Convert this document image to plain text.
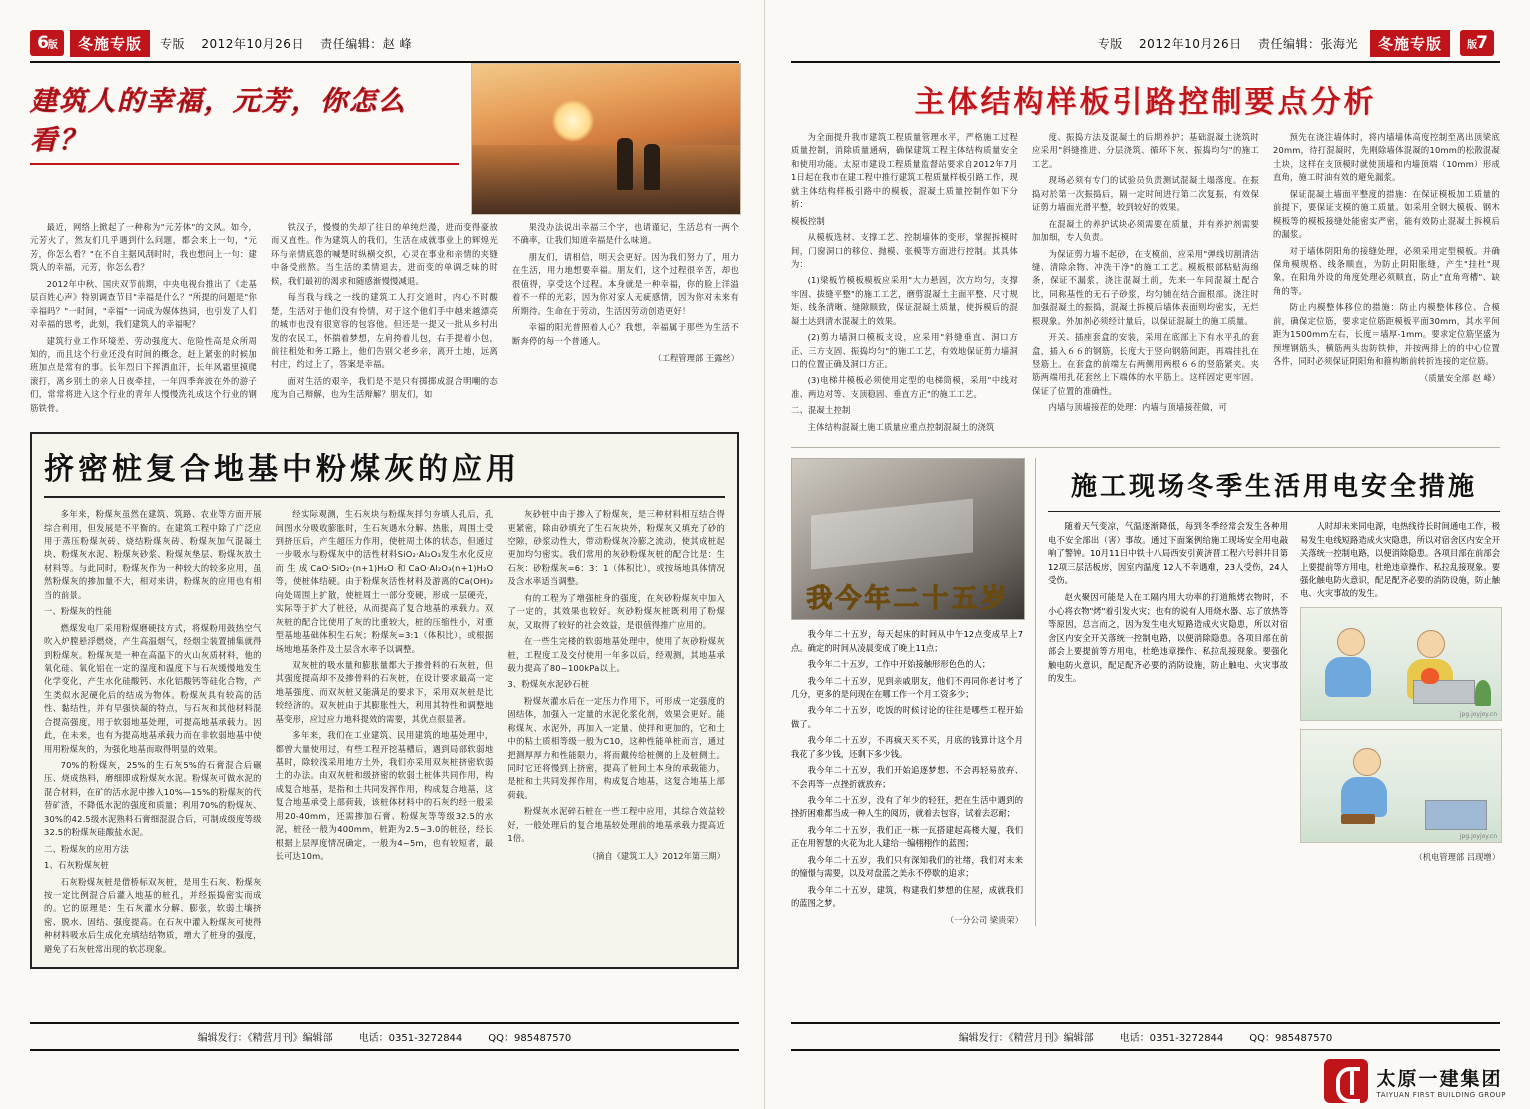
6 版	冬施专版	专版 2012年10月26日 责任编辑：赵 峰
建筑人的幸福，元芳，你怎么看？

最近，网络上掀起了一种称为"元芳体"的文风。如今，元芳火了，然友们几乎遇到什么问题，都会来上一句，"元芳，你怎么看？"在不自主据风刮时时，我也想问上一句：建筑人的幸福，元芳，你怎么看？

2012年中秋、国庆双节前期，中央电视台推出了《走基层百姓心声》特别调查节目"幸福是什么？"所提的问题是"你幸福吗？"一时间，"幸福"一词成为媒体热词，也引发了人们对幸福的思考，此刻，我们建筑人的幸福呢？

建筑行业工作环境差、劳动强度大、危险性高是众所周知的，而且这个行业还没有时间的概念，赶上紧张的时候加班加点是常有的事。长年烈日下挥洒血汗，长年风霜里摸爬滚打，离乡别土的亲人日夜牵挂，一年四季奔波在外的游子们，常常将进入这个行业的青年人慢慢洗礼成这个行业的钢筋铁骨。

铁汉子，慢慢的失却了往日的单纯烂漫，进而变得豪放而又直性。作为建筑人的我们，生活在成就事业上的辉煌光环与亲情底怨的喊楚时纵横交织，心灵在事业和亲情的夹缝中备受煎熬。当生活的柔情退去，进而变的单调乏味的时候，我们最初的渴求和随感渐慢慢减退。

每当我与线之一线的建筑工人打交道时，内心不时酸楚，生活对于他们没有怜情，对于这个他们手中越来越漂亮的城市也没有很宽容的包容他。但还是一提又一批从乡村出发的农民工，怀揣着梦想，左肩挎着儿包，右手提着小包，前往租处和务工路上，他们告别父老乡亲，离开土地，远离村庄，约过上了，答案是幸福。

面对生活的艰辛，我们是不是只有掷掷成混合明嘲的态度为自己辩解，也为生活辩解？朋友们，如

果没办法说出幸福三个字，也请谨记，生活总有一两个不确率，让我们知道幸福是什么味道。

朋友们，请相信，明天会更好。因为我们努力了，用力在生活，用力地想要幸福。朋友们，这个过程很辛苦，却也很值得，享受这个过程。本身就是一种幸福，你的脸上洋溢着不一样的光彩，因为你对家人无疵感情，因为你对未来有所期待。生命在于劳动，生活因劳动创造更好！

幸福的阳光普照着人心？我想，幸福属于那些为生活不断奔停的每一个普通人。

（工程管理部 王露丝）
挤密桩复合地基中粉煤灰的应用

多年来，粉煤灰虽然在建筑、筑路、农业等方面开展综合利用，但发展是不平衡的。在建筑工程中除了广泛应用于蒸压粉煤灰砖、烧结粉煤灰砖、粉煤灰加气混凝土块、粉煤灰水泥、粉煤灰砂浆、粉煤灰垫层、粉煤灰放土材料等。与此同时，粉煤灰作为一种较大的较多应用，虽然粉煤灰的掺加量不大，相对来讲，粉煤灰的应用也有相当的前景。

一、粉煤灰的性能

燃煤发电厂采用粉煤磨硬技方式，将煤粉用鼓热空气吹入炉膛悬浮燃烧，产生高温烟气，经烟尘装置捕集就得到粉煤灰。粉煤灰是一种在高温下的火山灰质材料，他的氧化硅、氧化铝在一定的湿度和温度下与石灰缓慢地发生化学变化，产生水化硅酸钙、水化铝酸钙等硅化合物，产生类似水泥硬化后的结成为物体。粉煤灰具有较高的活性、黏结性，并有早强快凝的特点，与石灰和其他材料混合提高强度，用于软弱地基处理，可提高地基承载力。因此，在未来，也有为提高地基承载力而在非软弱地基中使用用粉煤灰的，为强化地基而取得明显的效果。

70%的粉煤灰，25%的生石灰5%的石膏混合后碾压、烧成热料，磨细即成粉煤灰水泥。粉煤灰可做水泥的混合材料，在矿的活水泥中掺入10%—15%的粉煤灰的代替矿渣，不降低水泥的强度和质量；利用70%的粉煤灰、30%的42.5级水泥熟料石膏细混混合后，可制成级度等级32.5的粉煤灰硅酸盐水泥。

二、粉煤灰的应用方法

1、石灰粉煤灰桩

石灰粉煤灰桩是借桥标双灰桩，是用生石灰、粉煤灰按一定比例混合后灌入地基的桩孔，并经振捣密实而成的。它的原理是：生石灰灌水分解、膨张，软弱土壤挤密、脱水、固结、强度提高。在石灰中灌入粉煤灰可使得种材料吸水后生成化充填结结物质，增大了桩身的强度，避免了石灰桩常出现的软芯现象。

经实际观测，生石灰块与粉煤灰拌匀夯填人孔后，孔间图水分吸收膨胀时，生石灰遇水分解、热胀，周围土受到挤压后，产生超压力作用，使桩周土体的状态，但通过一步吸水与粉煤灰中的活性材料SiO₂·Al₂O₃发生水化反应而生成CaO·SiO₂·(n+1)H₂O和CaO·Al₂O₃(n+1)H₂O等，使桩体结硬。由于粉煤灰活性材料及游离的Ca(OH)₂向处周围上扩散，使桩周土一部分变硬，形成一层硬壳，实际等于扩大了桩径，从而提高了复合地基的承载力。双灰桩的配合比使用了灰的比重较大，桩的压缩性小，对重型基地基础体积生石灰；粉煤灰=3:1（体积比），或根据场地地基条件及土层含水率予以调整。

双灰桩的吸水量和膨胀量都大于掺骨料的石灰桩，但其强度提高却不及掺骨料的石灰桩，在设计要求最高一定地基强度、而双灰桩又能满足的要求下，采用双灰桩是比较经济的。双灰桩由于其膨胀性大，利用其特性和调整地基变形，应过应力地料提效的需要，其优点很显著。

多年来，我们在工业建筑、民用建筑的地基处理中，都曾大量使用过，有些工程开挖基槽后，遇到局部软弱地基时，除较浅采用地方土外，我们亦采用双灰桩挤密软弱土的办法。由双灰桩和级挤密的软弱土桩体共同作用，构成复合地基，是指和土共同发挥作用，构成复合地基，这复合地基承受上部荷载，该桩体材料中的石灰约经一般采用20-40mm，还需掺加石膏、粉煤灰等等级32.5的水泥，桩径一般为400mm，桩距为2.5~3.0的桩径，经长根据上层厚度情况确定，一般为4~5m，也有较短者，最长可达10m。

灰砂桩中由于掺入了粉煤灰，是三种材料相互结合得更紧密，除由砂填充了生石灰块外，粉煤灰又填充了砂的空隙，砂浆动性大，带动粉煤灰冷膨之流动，使其成桩起更加均匀密实。我们常用的灰砂粉煤灰桩的配合比是：生石灰：砂粉煤灰=6：3：1（体积比），或按场地具体情况及含水率适当调整。

有的工程为了增强桩身的强度，在灰砂粉煤灰中加入了一定的，其效果也较好。灰砂粉煤灰桩既利用了粉煤灰，又取得了较好的社会效益，是很值得推广应用的。

在一些生完楼的软弱地基处理中，使用了灰砂粉煤灰桩，工程度工及交付使用一年多以后，经观测，其地基承载力提高了80~100kPa以上。

3、粉煤灰水泥砂石桩

粉煤灰灌水后在一定压力作用下，可形成一定强度的固结体，加强入一定量的水泥化浆化剂，效果会更好。能称煤灰、水泥外，再加入一定量、使拌和更加的，它和土中的粘土质相等级一般为C10，这种性能单桩而言，通过把测厚厚力和性能限力，将而戴传给桩侧的上及桩侧土。同时它还将慢到上挤密，提高了桩间土本身的承载能力，是桩和土共同发挥作用，构成复合地基，这复合地基上部荷载。

粉煤灰水泥碎石桩在一些工程中应用，其综合效益较好，一般处理后的复合地基较处理前的地基承载力提高近1倍。

（摘自《建筑工人》2012年第三期）
编辑发行：《精营月刊》编辑部	电话：0351-3272844	QQ：985487570
专版 2012年10月26日 责任编辑：张海光	冬施专版	版 7
主体结构样板引路控制要点分析

为全面提升我市建筑工程质量管理水平，严格施工过程质量控制，消除质量通病，确保建筑工程主体结构质量安全和使用功能。太原市建设工程质量监督站要求自2012年7月1日起在我市在建工程中推行建筑工程质量样板引路工作，现就主体结构样板引路中的模板，混凝土质量控制作如下分析：

模板控制

从模板选材、支撑工艺、控制墙体的变形，掌握拆模时间，门窗洞口的移位、抛模、张模等方面进行控制。其具体为：

(1)梁板竹模板模板应采用"大力悬固，次方均匀，支撑牢固、拔缝平整"的施工工艺，磨剪混凝土主面平整、尺寸规矩、线条清晰、缝隙顺致，保证混凝土质量，使拆模后的混凝土达到清水混凝土的效果。

(2)剪力墙洞口模板支设，应采用"斜缝垂直、洞口方正、三方支固、振捣均匀"的施工工艺，有效地保证剪力墙洞口的位置正确及洞口方正。

(3)电梯井模板必须使用定型的电梯筒模，采用"中线对准、两边对等、支顶稳固、垂直方正"的施工工艺。

二、混凝土控制

主体结构混凝土施工质量应重点控制混凝土的浇筑

度、振捣方法及混凝土的后期养护；基础混凝土浇筑时应采用"斜缝推进、分层浇筑、循环下灰、振捣均匀"的施工工艺。

现场必须有专门的试验员负责测试混凝土塌落度。在振捣对於第一次振捣后，隔一定时间进行第二次复振，有效保证剪力墙面光滑平整，较到较好的效果。

在混凝土的养护试块必须需要在质量，并有养护剂需要加加细，专人负责。

为保证剪力墙不起砂，在支模前，应采用"弹线切割清洁缝、清除余物、冲洗干净"的施工工艺。模板根部粘贴海绵条，保证不漏浆，浇注混凝土前，先来一车同混凝土配合比，同称基性的无石子砂浆，均匀铺在结合面根部。浇注时加强混凝土的振捣，混凝土拆模后墙体表面则均密实，无烂根现象。外加剂必须经计量后，以保证混凝土的施工质量。

开关、插座套盒的安装，采用在底部上下有水平孔的套盒，插入６６的钢筋，长度大于竖向钢筋间距，再端挂扎在竖筋上。在套盒的前端左右两侧用两根６６的竖筋紧夹。夹筋两端用扎花套丝上下端体的水平筋上。这样固定更牢固。保证了位置的准确性。

内墙与顶墙接茬的处理：内墙与顶墙接茬做，可

预先在浇注墙体时，将内墙墙体高度控制至离出顶梁底20mm，待打混凝时，先刚除墙体混凝的10mm的松散混凝土块，这样在支顶模时就使顶墙和内墙顶端（10mm）形成直角，施工时油有效的避免漏浆。

保证混凝土墙面平整度的措施：在保证模板加工质量的前提下，要保证支模的施工质量。如采用全钢大模板、钢木模板等的模板接缝处能密实严密，能有效防止混凝土拆模后的漏浆。

对于墙体阴阳角的接缝处理，必须采用定型模板。并确保角模规格、线条顺直，为防止阴阳胀缝，产生"挂杜"现象，在阳角外设的角度处理必须顺直，防止"直角弯槽"、缺角的等。

防止内模整体移位的措施：防止内模整体移位、合模前，确保定位筋，要求定位筋距模板平面30mm，其水平间距为1500mm左右，长度＝墙厚-1mm。要求定位筋坚盛为预埋钢筋头，横筋两头齿防铁伸，并按两排上的的中心位置各件，同时必须保证阴阳角和箍构断前转折连接的定位筋。

（质量安全部 赵 峰）
我今年二十五岁

我今年二十五岁，每天起床的时间从中午12点变成早上7点。确定的时间从凌晨变成了晚上11点；

我今年二十五岁，工作中开始接触形形色色的人；

我今年二十五岁，见到亲戚朋友，他们不再同你老讨考了几分，更多的是问现在在哪工作一个月工资多少；

我今年二十五岁，吃饭的时候讨论的往往是哪些工程开始做了。

我今年二十五岁，不再疯天买不买，月底的钱算计这个月我花了多少钱，还剩下多少钱。

我今年二十五岁，我们开始追逐梦想、不会再轻易放弃、不会再等一点挫折就放弃；

我今年二十五岁，没有了年少的轻狂，把在生活中遇到的挫折困难都当成一种人生的阅历，就着去包容，试着去忍耐；

我今年二十五岁，我们正一栋一瓦搭建起高楼大厦，我们正在用智慧的火花为北人建给一编栩栩作的蓝图；

我今年二十五岁，我们只有深知我们的社绪，我们对末来的憧憬与需要，以及对盘蓝之美永不停歇的追求；

我今年二十五岁，建筑，构建我们梦想的住屋，成就我们的蓝图之梦。

（一分公司 梁贵荣）
施工现场冬季生活用电安全措施

随着天气变凉，气温逐渐降低，每到冬季经常会发生各种用电不安全部出（害）事故。通过下面案例给施工现场安全用电敲响了警钟。10月11日中铁十八局西安引黄济晋工程六号斜井目第12项三层活板房，因室内温度 12人不幸遇难，23人受伤，24人受伤。

赵火聚因可能是人在工隔内用大功率的打道熊烤衣物时，不小心将衣物"烤"着引发火灾；也有的说有人用烧水器、忘了放热等等原因，总言而之，因为发生电火短路造成火灾隐患，所以对宿舍区内安全开关落统一控制电路，以便消除隐患。各项目部在前部会上要提前等方用电，杜绝违章操作、私拉乱接现象。要强化触电防火意识，配足配齐必要的消防设施，防止触电、火灾事故的发生。

人时却未来同电源，电热线待长时间通电工作，极易发生电线短路造成火灾隐患，所以对宿舍区内安全开关落统一控制电路，以便消除隐患。各项目部在前部会上要提前等方用电，杜绝违章操作、私拉乱接现象。要强化触电防火意识，配足配齐必要的消防设施，防止触电、火灾事故的发生。

jpg.joyjoy.cn
jpg.joyjoy.cn
（机电管理部 吕现增）
编辑发行：《精营月刊》编辑部	电话：0351-3272844	QQ：985487570
太原一建集团
TAIYUAN FIRST BUILDING GROUP
